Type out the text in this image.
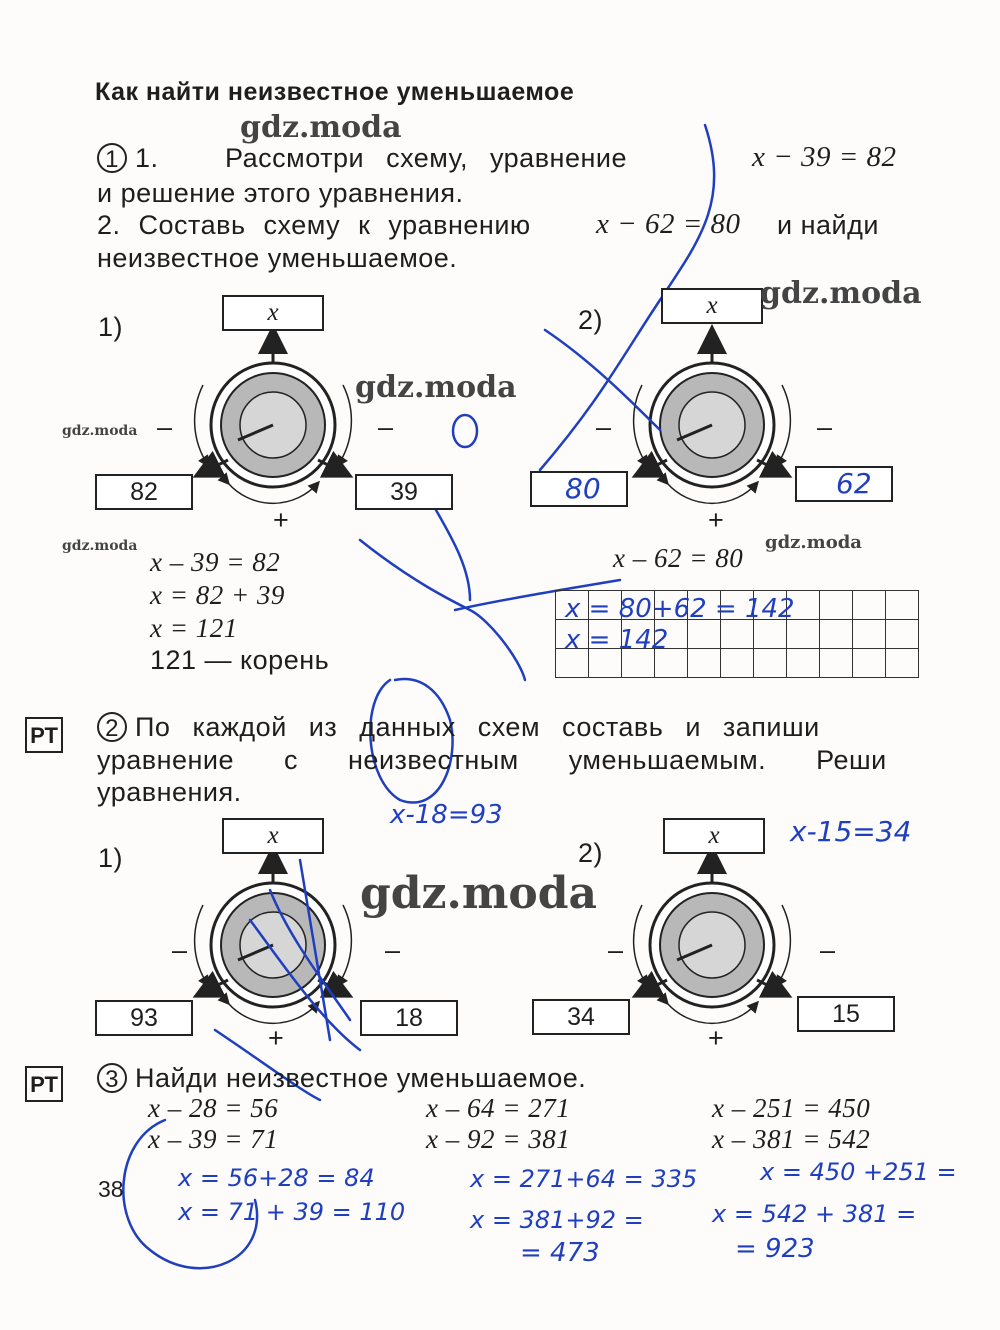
Как найти неизвестное уменьшаемое
1 1. Рассмотри схему, уравнение	x − 39 = 82
и решение этого уравнения.
2. Составь схему к уравнению x − 62 = 80 и найди
неизвестное уменьшаемое.
1)	x
82	39
–	–
+
2)	x
–	–
+
80	62
x – 39 = 82
x = 82 + 39
x = 121
121 — корень
x – 62 = 80

x = 80+62 = 142
x = 142
РТ	2 По каждой из данных схем составь и запиши
уравнение с неизвестным уменьшаемым. Реши
уравнения.
x-18=93	x-15=34
1)
x
93	18
–	–
+
2)
x
34	15
–	–
+
РТ	3 Найди неизвестное уменьшаемое.
x – 28 = 56	x – 64 = 271	x – 251 = 450
x – 39 = 71	x – 92 = 381	x – 381 = 542
38 x = 56+28 = 84
x = 71 + 39 = 110
x = 271+64 = 335
x = 381+92 =
= 473
x = 450 +251 =
x = 542 + 381 =
= 923
gdz.moda
gdz.moda
gdz.moda
gdz.moda
gdz.moda	gdz.moda
gdz.moda
